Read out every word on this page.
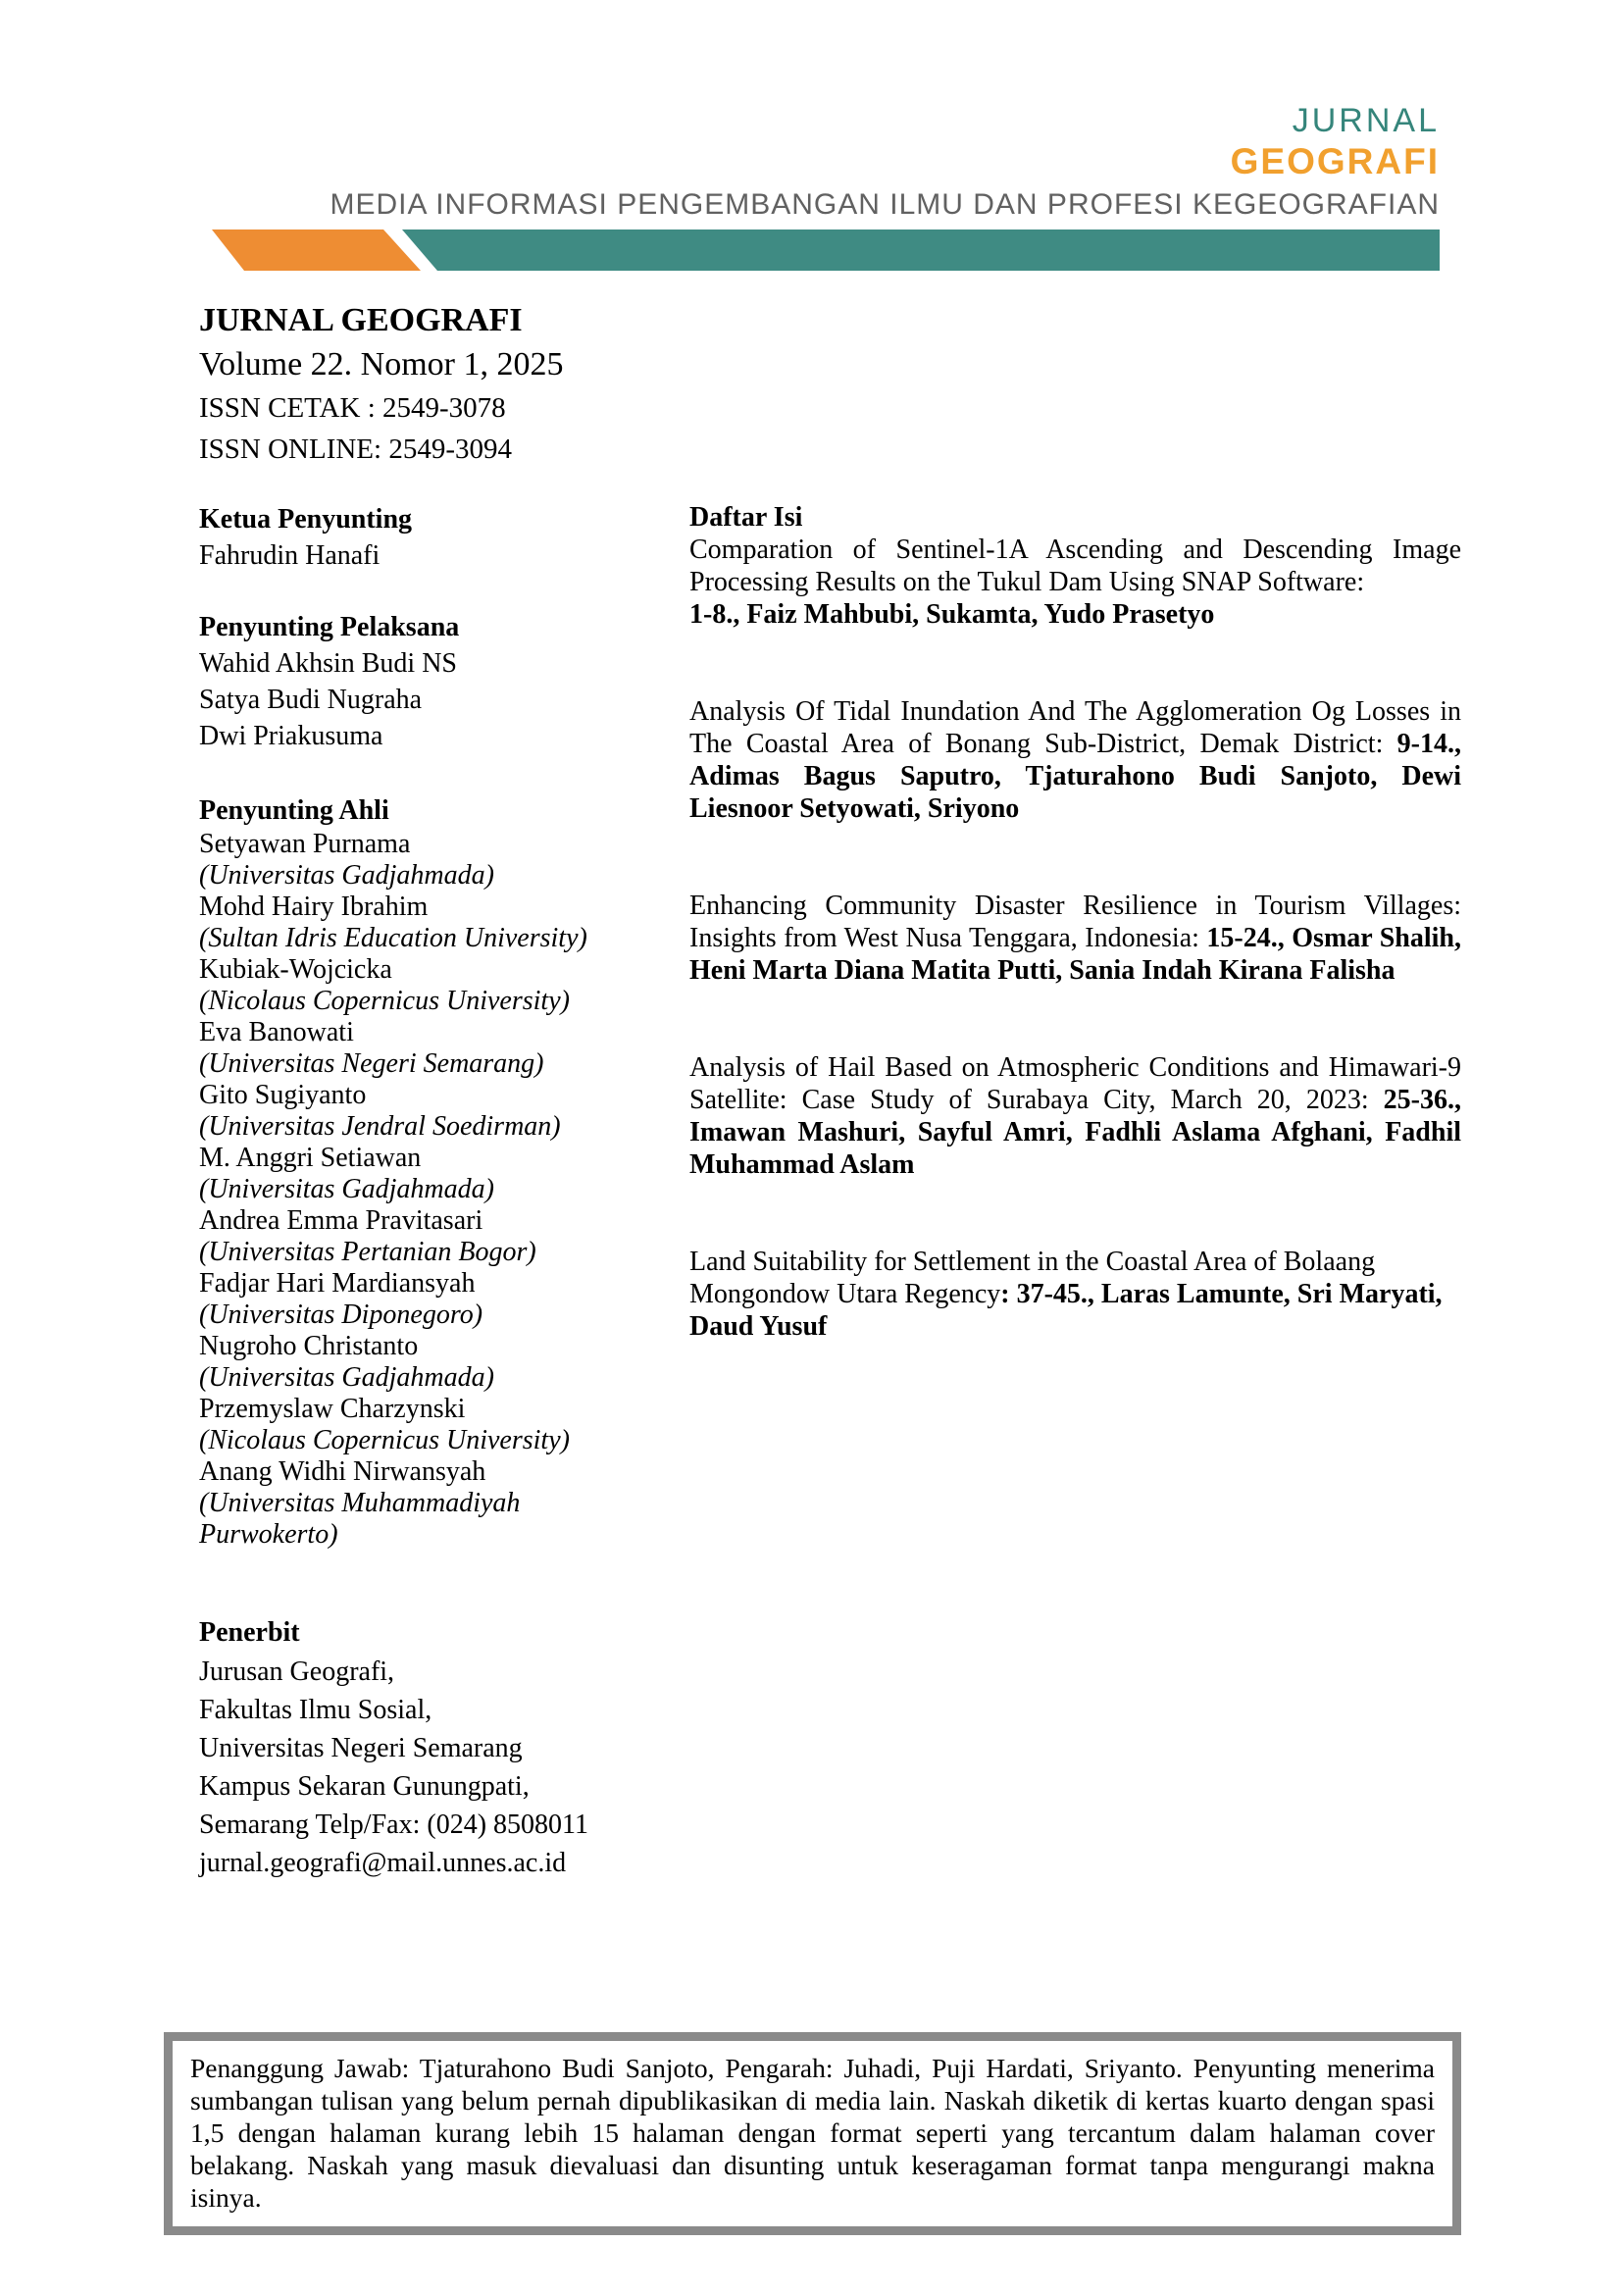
JURNAL
GEOGRAFI
MEDIA INFORMASI PENGEMBANGAN ILMU DAN PROFESI KEGEOGRAFIAN
JURNAL GEOGRAFI
Volume 22. Nomor 1, 2025
ISSN CETAK : 2549-3078
ISSN ONLINE: 2549-3094
Ketua Penyunting
Fahrudin Hanafi
Penyunting Pelaksana
Wahid Akhsin Budi NS
Satya Budi Nugraha
Dwi Priakusuma
Penyunting Ahli
Setyawan Purnama
(Universitas Gadjahmada)
Mohd Hairy Ibrahim
(Sultan Idris Education University)
Kubiak-Wojcicka
(Nicolaus Copernicus University)
Eva Banowati
(Universitas Negeri Semarang)
Gito Sugiyanto
(Universitas Jendral Soedirman)
M. Anggri Setiawan
(Universitas Gadjahmada)
Andrea Emma Pravitasari
(Universitas Pertanian Bogor)
Fadjar Hari Mardiansyah
(Universitas Diponegoro)
Nugroho Christanto
(Universitas Gadjahmada)
Przemyslaw Charzynski
(Nicolaus Copernicus University)
Anang Widhi Nirwansyah
(Universitas Muhammadiyah Purwokerto)
Daftar Isi

Comparation of Sentinel-1A Ascending and Descending Image Processing Results on the Tukul Dam Using SNAP Software:
1-8., Faiz Mahbubi, Sukamta, Yudo Prasetyo

Analysis Of Tidal Inundation And The Agglomeration Og Losses in The Coastal Area of Bonang Sub-District, Demak District: 9-14., Adimas Bagus Saputro, Tjaturahono Budi Sanjoto, Dewi Liesnoor Setyowati, Sriyono

Enhancing Community Disaster Resilience in Tourism Villages: Insights from West Nusa Tenggara, Indonesia: 15-24., Osmar Shalih, Heni Marta Diana Matita Putti, Sania Indah Kirana Falisha

Analysis of Hail Based on Atmospheric Conditions and Himawari-9 Satellite: Case Study of Surabaya City, March 20, 2023: 25-36., Imawan Mashuri, Sayful Amri, Fadhli Aslama Afghani, Fadhil Muhammad Aslam

Land Suitability for Settlement in the Coastal Area of Bolaang Mongondow Utara Regency: 37-45., Laras Lamunte, Sri Maryati, Daud Yusuf

Penerbit
Jurusan Geografi,
Fakultas Ilmu Sosial,
Universitas Negeri Semarang
Kampus Sekaran Gunungpati,
Semarang Telp/Fax: (024) 8508011
jurnal.geografi@mail.unnes.ac.id
Penanggung Jawab: Tjaturahono Budi Sanjoto, Pengarah: Juhadi, Puji Hardati, Sriyanto. Penyunting menerima sumbangan tulisan yang belum pernah dipublikasikan di media lain. Naskah diketik di kertas kuarto dengan spasi 1,5 dengan halaman kurang lebih 15 halaman dengan format seperti yang tercantum dalam halaman cover belakang. Naskah yang masuk dievaluasi dan disunting untuk keseragaman format tanpa mengurangi makna isinya.
